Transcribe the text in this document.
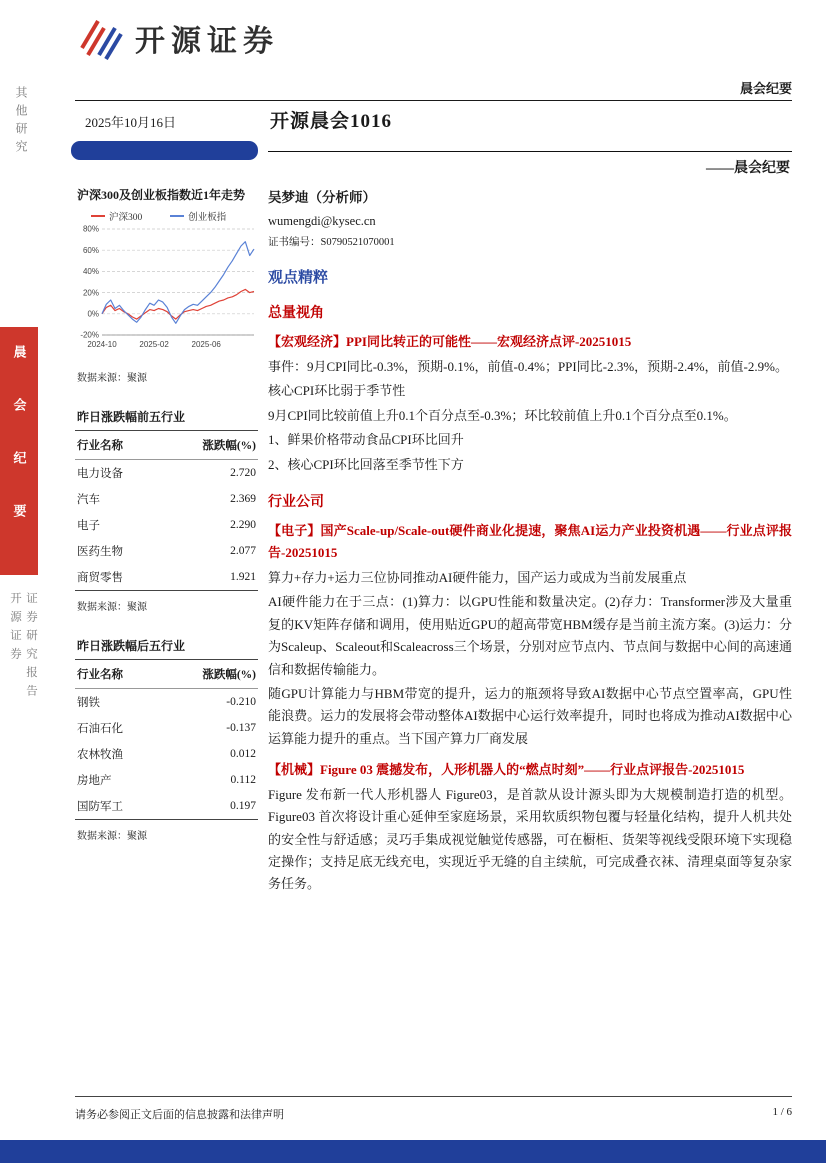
其他研究
晨会纪要
开源证券 证券研究报告
开源证券
晨会纪要
2025年10月16日	开源晨会1016
——晨会纪要
沪深300及创业板指数近1年走势
沪深300	创业板指
80%
60%
40%
20%
0%
-20%
2024-10	2025-02	2025-06
数据来源：聚源
昨日涨跌幅前五行业
行业名称	涨跌幅(%)
电力设备	2.720
汽车	2.369
电子	2.290
医药生物	2.077
商贸零售	1.921
数据来源：聚源
昨日涨跌幅后五行业
行业名称	涨跌幅(%)
钢铁	-0.210
石油石化	-0.137
农林牧渔	0.012
房地产	0.112
国防军工	0.197
数据来源：聚源
吴梦迪（分析师）
wumengdi@kysec.cn
证书编号：S0790521070001
观点精粹
总量视角

【宏观经济】PPI同比转正的可能性——宏观经济点评-20251015

事件：9月CPI同比-0.3%，预期-0.1%，前值-0.4%；PPI同比-2.3%，预期-2.4%，前值-2.9%。

核心CPI环比弱于季节性

9月CPI同比较前值上升0.1个百分点至-0.3%；环比较前值上升0.1个百分点至0.1%。

1、鲜果价格带动食品CPI环比回升

2、核心CPI环比回落至季节性下方

行业公司

【电子】国产Scale-up/Scale-out硬件商业化提速，聚焦AI运力产业投资机遇——行业点评报告-20251015

算力+存力+运力三位协同推动AI硬件能力，国产运力或成为当前发展重点

AI硬件能力在于三点：(1)算力：以GPU性能和数量决定。(2)存力：Transformer涉及大量重复的KV矩阵存储和调用，使用贴近GPU的超高带宽HBM缓存是当前主流方案。(3)运力：分为Scaleup、Scaleout和Scaleacross三个场景，分别对应节点内、节点间与数据中心间的高速通信和数据传输能力。

随GPU计算能力与HBM带宽的提升，运力的瓶颈将导致AI数据中心节点空置率高，GPU性能浪费。运力的发展将会带动整体AI数据中心运行效率提升，同时也将成为推动AI数据中心运算能力提升的重点。当下国产算力厂商发展

【机械】Figure 03 震撼发布，人形机器人的“燃点时刻”——行业点评报告-20251015

Figure 发布新一代人形机器人 Figure03，是首款从设计源头即为大规模制造打造的机型。Figure03 首次将设计重心延伸至家庭场景，采用软质织物包覆与轻量化结构，提升人机共处的安全性与舒适感；灵巧手集成视觉触觉传感器，可在橱柜、货架等视线受限环境下实现稳定操作；支持足底无线充电，实现近乎无缝的自主续航，可完成叠衣袜、清理桌面等复杂家务任务。

请务必参阅正文后面的信息披露和法律声明	1 / 6
